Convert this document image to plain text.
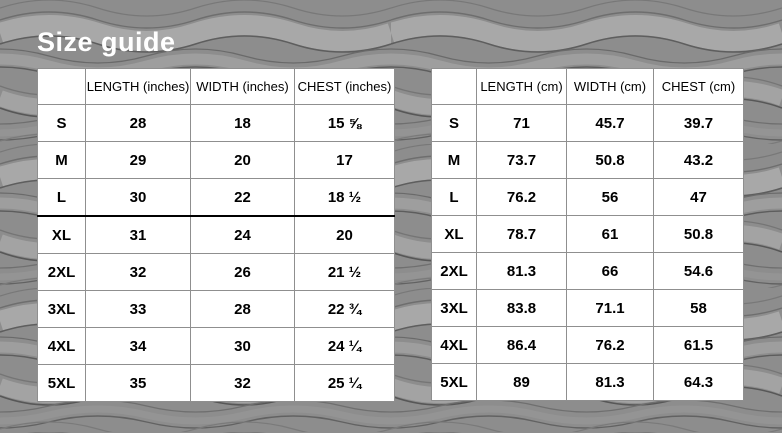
Size guide
	LENGTH (inches)	WIDTH (inches)	CHEST (inches)
S	28	18	15 ⅝
M	29	20	17
L	30	22	18 ½
XL	31	24	20
2XL	32	26	21 ½
3XL	33	28	22 ¾
4XL	34	30	24 ¼
5XL	35	32	25 ¼
	LENGTH (cm)	WIDTH (cm)	CHEST (cm)
S	71	45.7	39.7
M	73.7	50.8	43.2
L	76.2	56	47
XL	78.7	61	50.8
2XL	81.3	66	54.6
3XL	83.8	71.1	58
4XL	86.4	76.2	61.5
5XL	89	81.3	64.3
